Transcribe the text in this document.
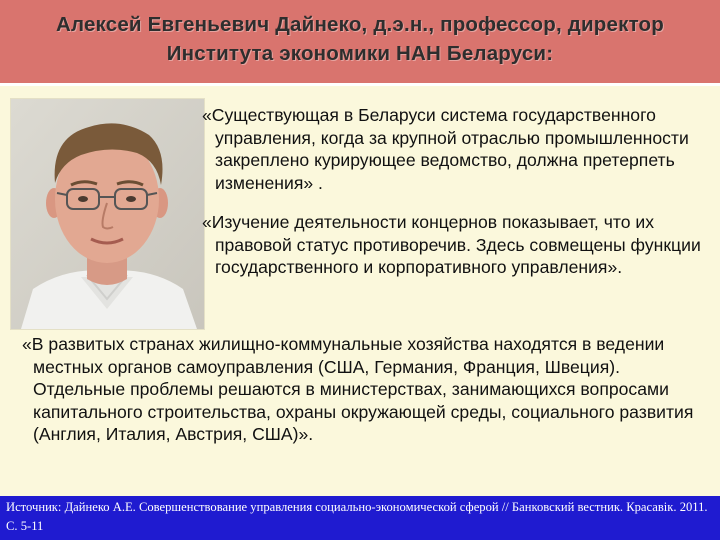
Алексей Евгеньевич Дайнеко, д.э.н., профессор, директор
Института экономики НАН Беларуси:

«Существующая в Беларуси система государственного управления, когда за крупной отраслью промышленности закреплено курирующее ведомство, должна претерпеть изменения» .

«Изучение деятельности концернов показывает, что их правовой статус противоречив. Здесь совмещены функции государственного и корпоративного управления».

«В развитых странах жилищно-коммунальные хозяйства находятся в ведении местных органов самоуправления (США, Германия, Франция, Швеция). Отдельные проблемы решаются в министерствах, занимающихся вопросами капитального строительства, охраны окружающей среды, социального развития (Англия, Италия, Австрия, США)».

Источник: Дайнеко А.Е. Совершенствование управления социально-экономической сферой // Банковский вестник. Красавік. 2011. С. 5-11
